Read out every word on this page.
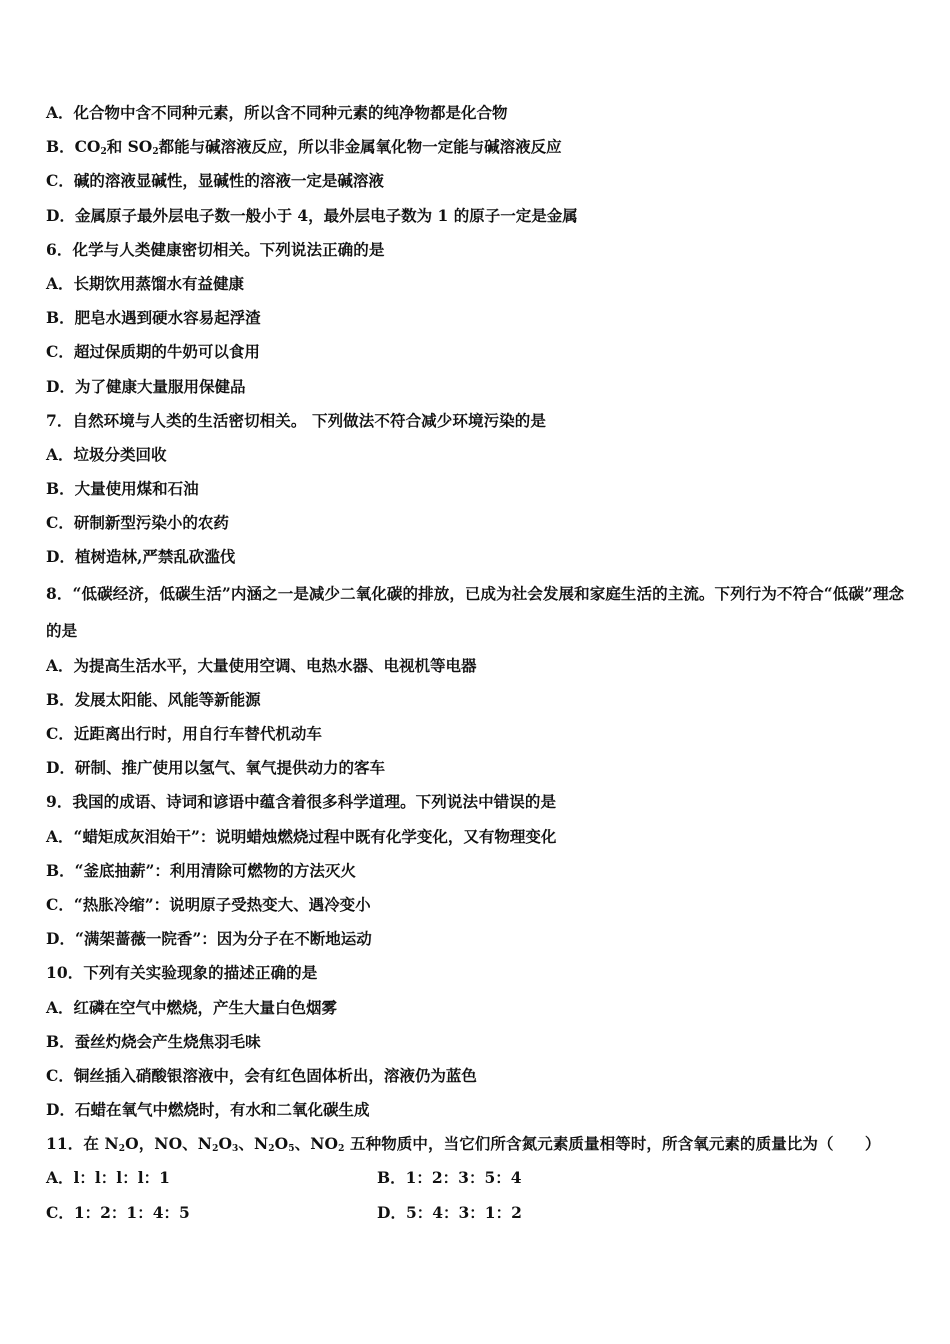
A．化合物中含不同种元素，所以含不同种元素的纯净物都是化合物
B．$CO_2$和 $SO_2$都能与碱溶液反应，所以非金属氧化物一定能与碱溶液反应
C．碱的溶液显碱性，显碱性的溶液一定是碱溶液
D．金属原子最外层电子数一般小于 4，最外层电子数为 1 的原子一定是金属
6．化学与人类健康密切相关。下列说法正确的是
A．长期饮用蒸馏水有益健康
B．肥皂水遇到硬水容易起浮渣
C．超过保质期的牛奶可以食用
D．为了健康大量服用保健品
7．自然环境与人类的生活密切相关。 下列做法不符合减少环境污染的是
A．垃圾分类回收
B．大量使用煤和石油
C．研制新型污染小的农药
D．植树造林,严禁乱砍滥伐
8．“低碳经济，低碳生活”内涵之一是减少二氧化碳的排放，已成为社会发展和家庭生活的主流。下列行为不符合“低碳”理念的是
A．为提高生活水平，大量使用空调、电热水器、电视机等电器
B．发展太阳能、风能等新能源
C．近距离出行时，用自行车替代机动车
D．研制、推广使用以氢气、氧气提供动力的客车
9．我国的成语、诗词和谚语中蕴含着很多科学道理。下列说法中错误的是
A．“蜡矩成灰泪始干”：说明蜡烛燃烧过程中既有化学变化，又有物理变化
B．“釜底抽薪”：利用清除可燃物的方法灭火
C．“热胀冷缩”：说明原子受热变大、遇冷变小
D．“满架蔷薇一院香”：因为分子在不断地运动
10．下列有关实验现象的描述正确的是
A．红磷在空气中燃烧，产生大量白色烟雾
B．蚕丝灼烧会产生烧焦羽毛味
C．铜丝插入硝酸银溶液中，会有红色固体析出，溶液仍为蓝色
D．石蜡在氧气中燃烧时，有水和二氧化碳生成
11．在 $N_2O$，NO、$N_2O_3$、$N_2O_5$、$NO_2$ 五种物质中，当它们所含氮元素质量相等时，所含氧元素的质量比为（　　）
A．l：l：l：l：1	B．1：2：3：5：4
C．1：2：1：4：5	D．5：4：3：1：2
